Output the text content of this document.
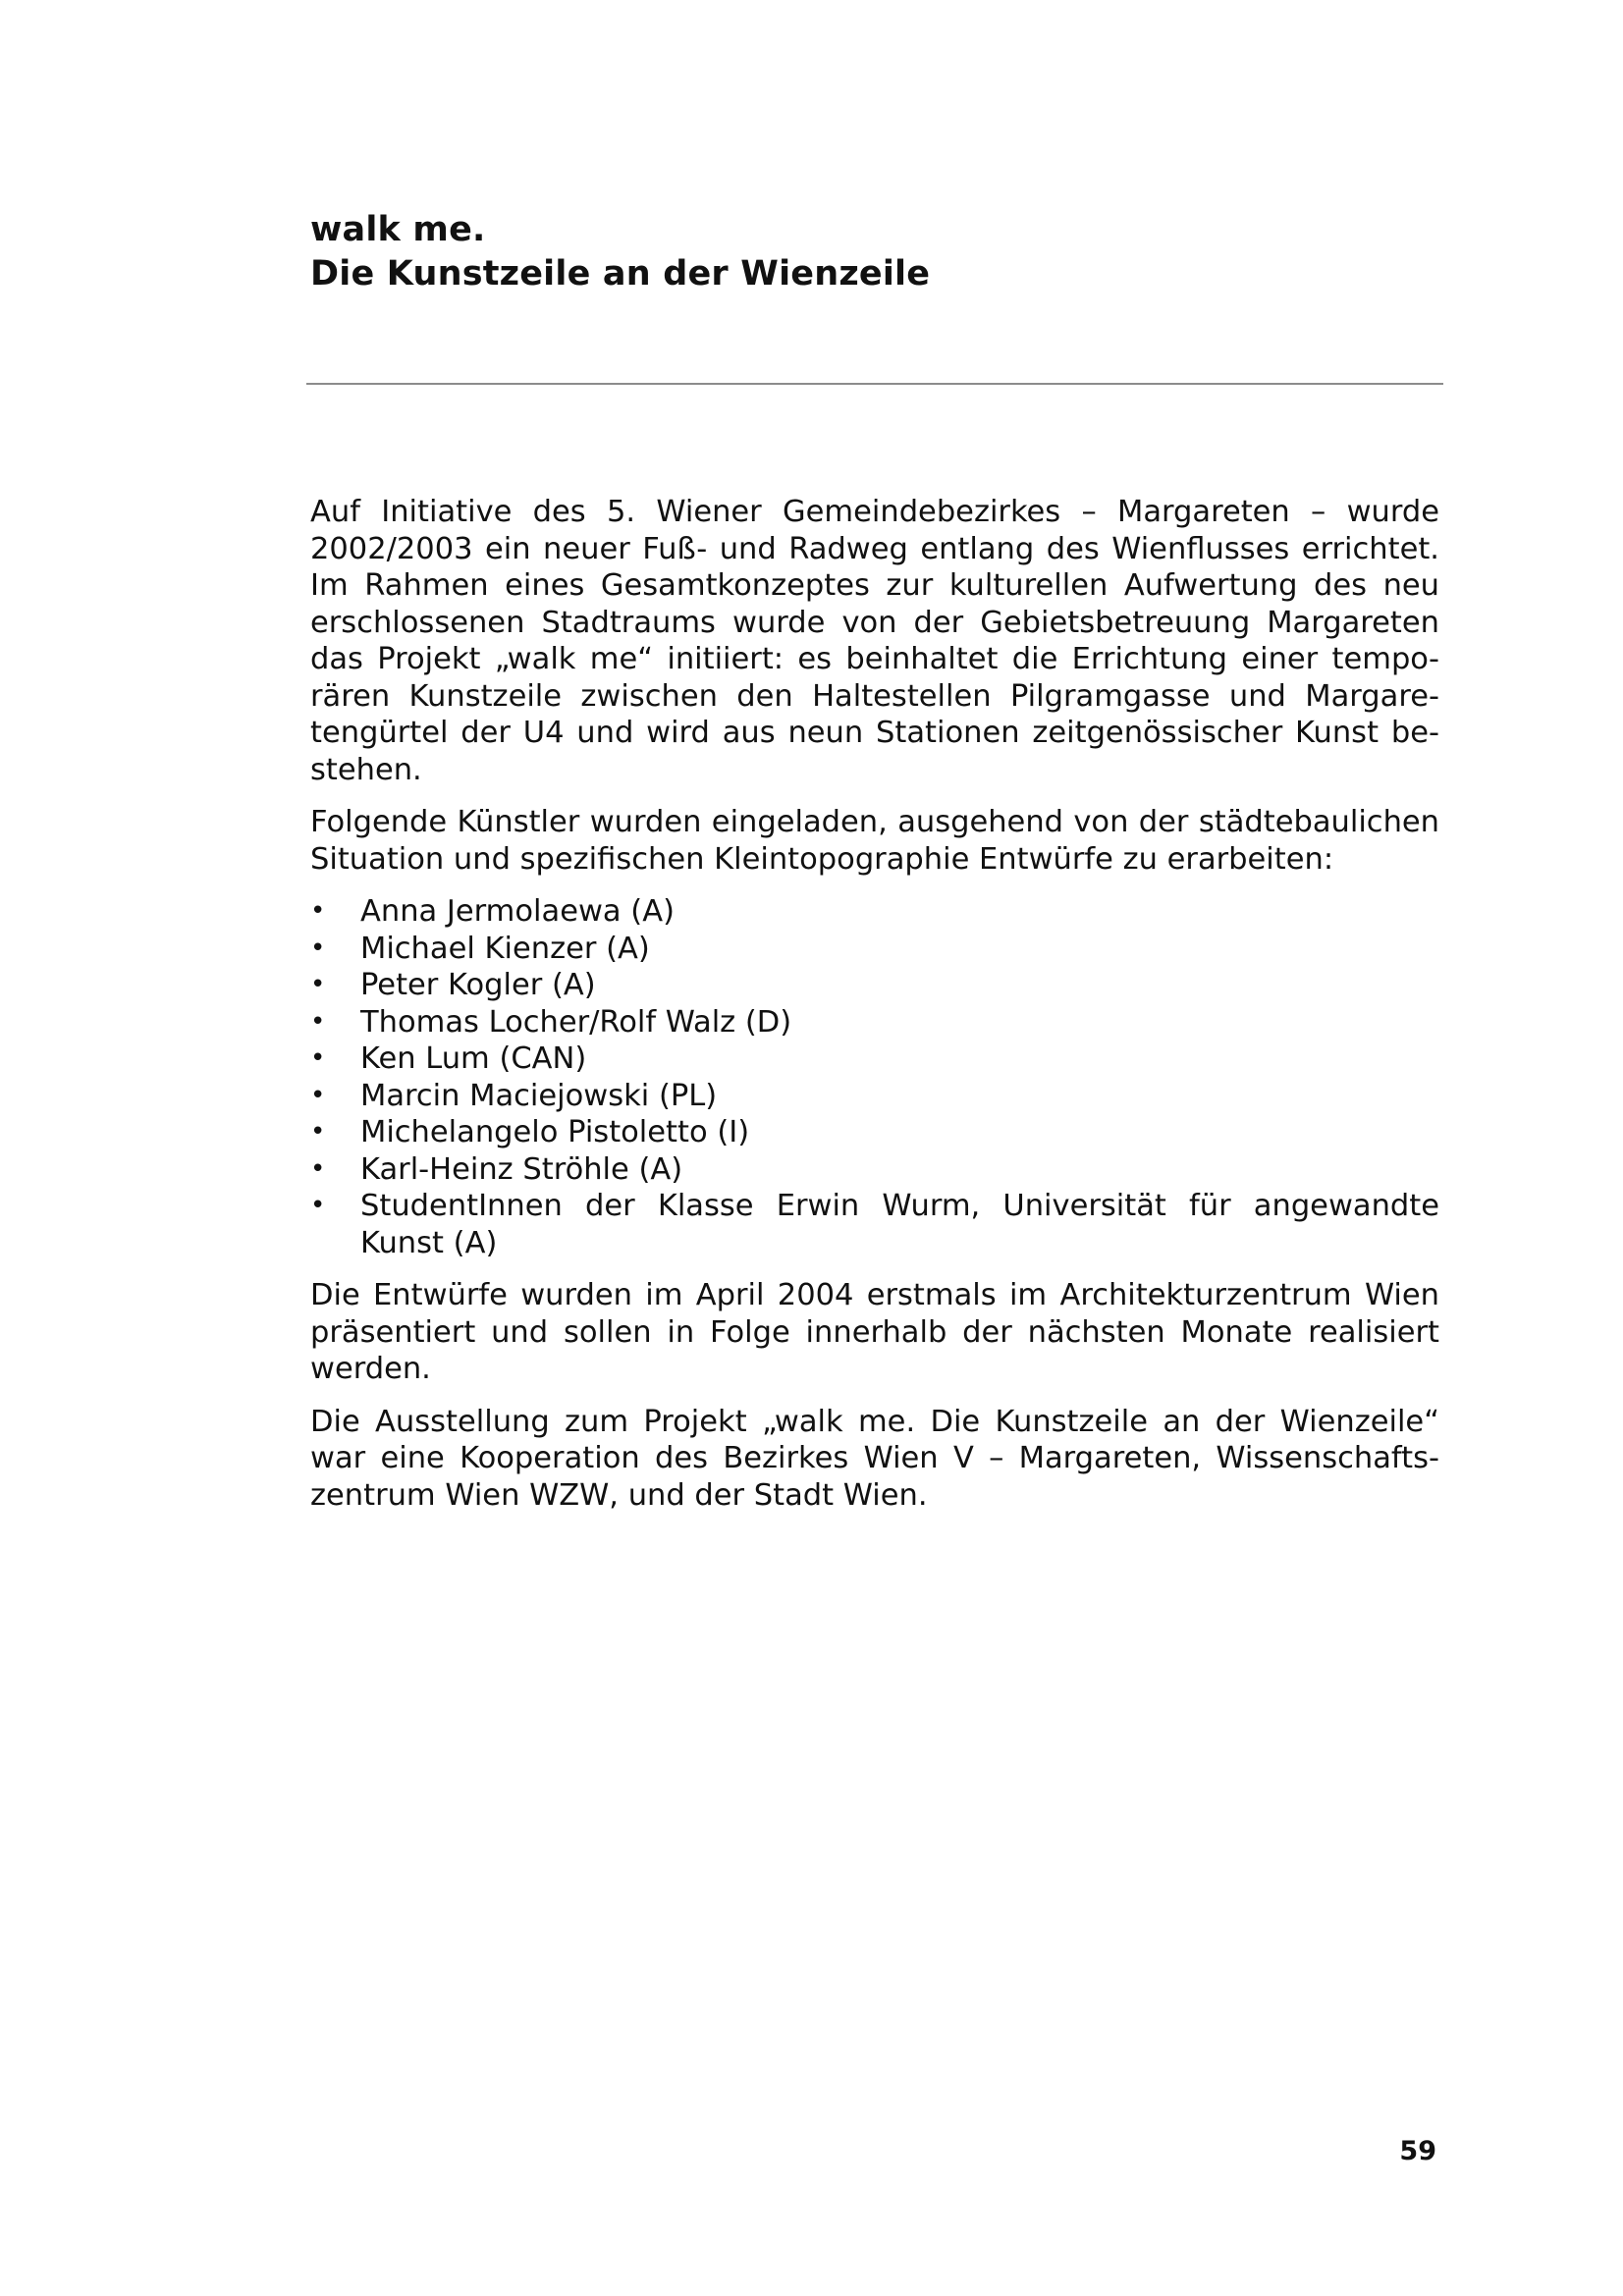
walk me.
Die Kunstzeile an der Wienzeile

Auf Initiative des 5. Wiener Gemeindebezirkes – Margareten – wurde 2002/2003 ein neuer Fuß- und Radweg entlang des Wienflusses errichtet. Im Rahmen eines Gesamtkonzeptes zur kulturellen Aufwertung des neu erschlossenen Stadtraums wurde von der Gebietsbetreuung Margareten das Projekt „walk me“ initiiert: es beinhaltet die Errichtung einer temporären Kunstzeile zwischen den Haltestellen Pilgramgasse und Margaretengürtel der U4 und wird aus neun Stationen zeitgenössischer Kunst bestehen.

Folgende Künstler wurden eingeladen, ausgehend von der städtebaulichen Situation und spezifischen Kleintopographie Entwürfe zu erarbeiten:

• Anna Jermolaewa (A)
• Michael Kienzer (A)
• Peter Kogler (A)
• Thomas Locher/Rolf Walz (D)
• Ken Lum (CAN)
• Marcin Maciejowski (PL)
• Michelangelo Pistoletto (I)
• Karl-Heinz Ströhle (A)
• StudentInnen der Klasse Erwin Wurm, Universität für angewandte Kunst (A)

Die Entwürfe wurden im April 2004 erstmals im Architekturzentrum Wien präsentiert und sollen in Folge innerhalb der nächsten Monate realisiert werden.

Die Ausstellung zum Projekt „walk me. Die Kunstzeile an der Wienzeile“ war eine Kooperation des Bezirkes Wien V – Margareten, Wissenschaftszentrum Wien WZW, und der Stadt Wien.

59
